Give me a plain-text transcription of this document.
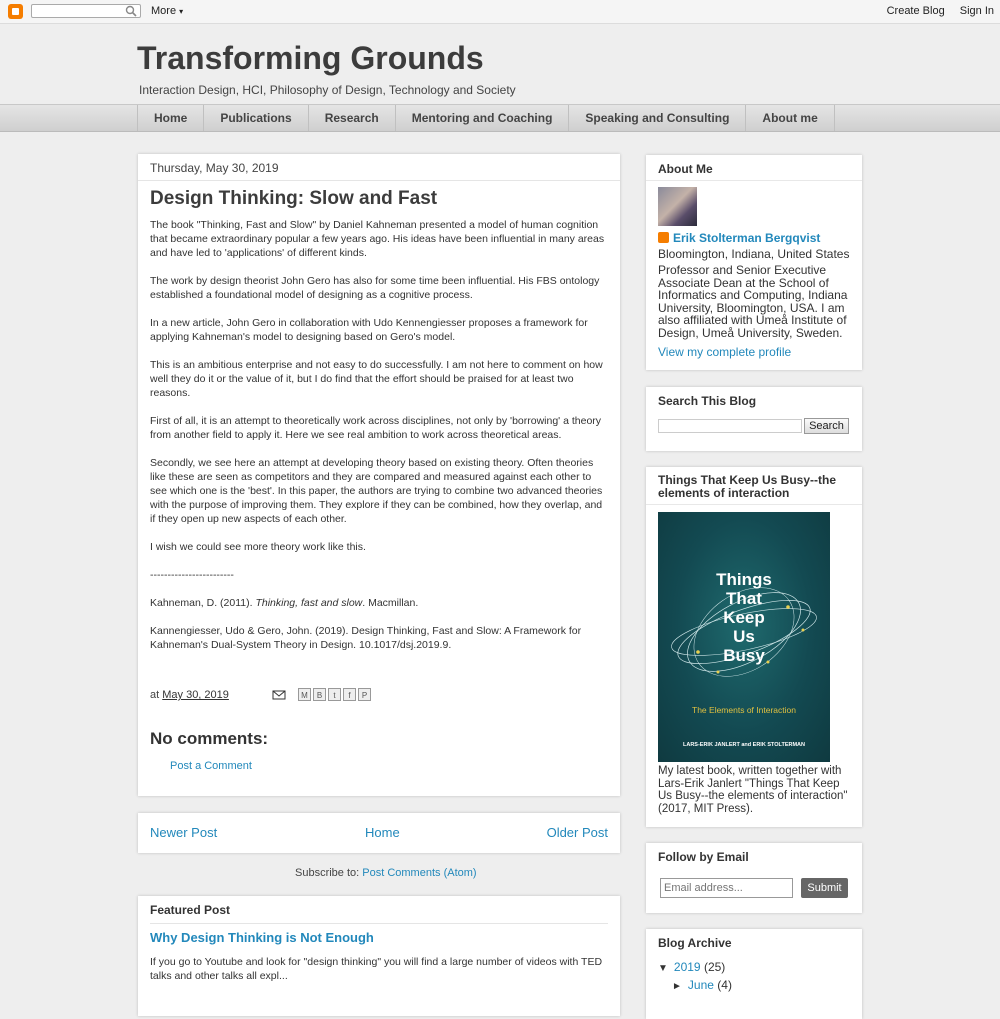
More ▾	Create Blog Sign In
Transforming Grounds
Interaction Design, HCI, Philosophy of Design, Technology and Society
Home	Publications	Research	Mentoring and Coaching	Speaking and Consulting	About me
Thursday, May 30, 2019
Design Thinking: Slow and Fast

The book "Thinking, Fast and Slow" by Daniel Kahneman presented a model of human cognition that became extraordinary popular a few years ago. His ideas have been influential in many areas and have led to 'applications' of different kinds.

The work by design theorist John Gero has also for some time been influential. His FBS ontology established a foundational model of designing as a cognitive process.

In a new article, John Gero in collaboration with Udo Kennengiesser proposes a framework for applying Kahneman's model to designing based on Gero's model.

This is an ambitious enterprise and not easy to do successfully. I am not here to comment on how well they do it or the value of it, but I do find that the effort should be praised for at least two reasons.

First of all, it is an attempt to theoretically work across disciplines, not only by 'borrowing' a theory from another field to apply it. Here we see real ambition to work across theoretical areas.

Secondly, we see here an attempt at developing theory based on existing theory. Often theories like these are seen as competitors and they are compared and measured against each other to see which one is the 'best'. In this paper, the authors are trying to combine two advanced theories with the purpose of improving them. They explore if they can be combined, how they overlap, and if they open up new aspects of each other.

I wish we could see more theory work like this.

------------------------

Kahneman, D. (2011). Thinking, fast and slow. Macmillan.

Kannengiesser, Udo & Gero, John. (2019). Design Thinking, Fast and Slow: A Framework for Kahneman's Dual-System Theory in Design. 10.1017/dsj.2019.9.

at May 30, 2019	M	B	t	f	P
No comments:
Post a Comment
Newer Post	Home	Older Post
Subscribe to: Post Comments (Atom)
Featured Post
Why Design Thinking is Not Enough
If you go to Youtube and look for "design thinking" you will find a large number of videos with TED talks and other talks all expl...
About Me
Erik Stolterman Bergqvist
Bloomington, Indiana, United States
Professor and Senior Executive Associate Dean at the School of Informatics and Computing, Indiana University, Bloomington, USA. I am also affiliated with Umeå Institute of Design, Umeå University, Sweden.
View my complete profile
Search This Blog
Search
Things That Keep Us Busy--the elements of interaction
Things
That
Keep
Us
Busy
The Elements of Interaction
LARS-ERIK JANLERT and ERIK STOLTERMAN
My latest book, written together with Lars-Erik Janlert "Things That Keep Us Busy--the elements of interaction" (2017, MIT Press).
Follow by Email
Email address...
Submit
Blog Archive
▼ 2019 (25)
► June (4)
